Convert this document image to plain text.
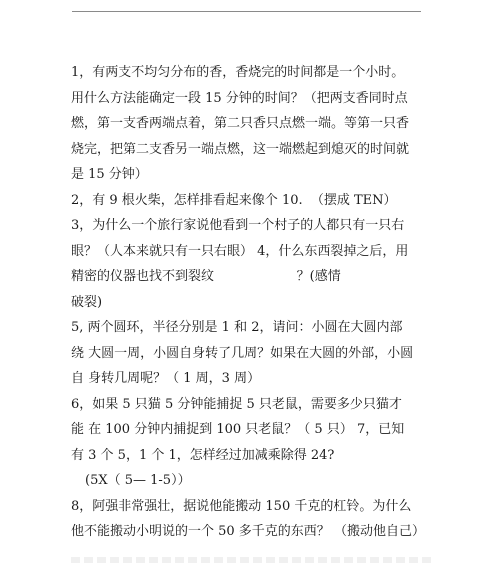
1，有两支不均匀分布的香，香烧完的时间都是一个小时。
用什么方法能确定一段 15 分钟的时间？（把两支香同时点
燃，第一支香两端点着，第二只香只点燃一端。等第一只香
烧完，把第二支香另一端点燃，这一端燃起到熄灭的时间就
是 15 分钟）
2，有 9 根火柴，怎样排看起来像个 10.  （摆成 TEN）
3，为什么一个旅行家说他看到一个村子的人都只有一只右
眼？（人本来就只有一只右眼） 4，什么东西裂掉之后，用
精密的仪器也找不到裂纹                    ？(感情
破裂)
5, 两个圆环，半径分别是 1 和 2，请问：小圆在大圆内部
绕 大圆一周，小圆自身转了几周？如果在大圆的外部，小圆
自 身转几周呢？（ 1 周，3 周）
6，如果 5 只猫 5 分钟能捕捉 5 只老鼠，需要多少只猫才
能 在 100 分钟内捕捉到 100 只老鼠？（ 5 只） 7，已知
有 3 个 5，1 个 1，怎样经过加减乘除得 24?
(5X（ 5— 1-5））
8，阿强非常强壮，据说他能搬动 150 千克的杠铃。为什么
他不能搬动小明说的一个 50 多千克的东西？ （搬动他自己）
